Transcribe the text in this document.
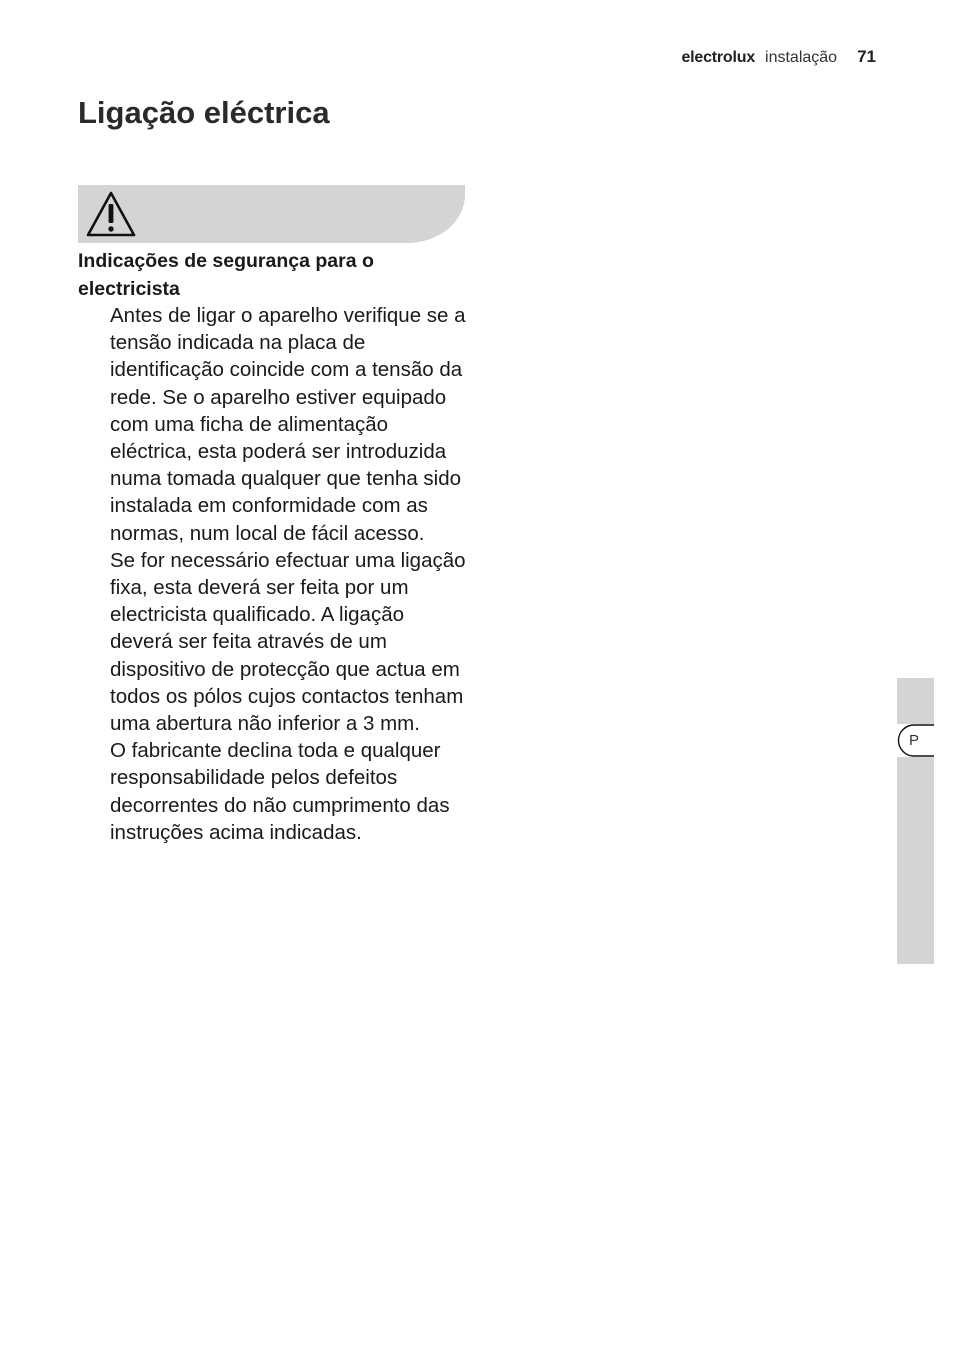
electrolux instalação 71
Ligação eléctrica
Indicações de segurança para o electricista

Antes de ligar o aparelho verifique se a tensão indicada na placa de identificação coincide com a tensão da rede. Se o aparelho estiver equipado com uma ficha de alimentação eléctrica, esta poderá ser introduzida numa tomada qualquer que tenha sido instalada em conformidade com as normas, num local de fácil acesso.

Se for necessário efectuar uma ligação fixa, esta deverá ser feita por um electricista qualificado. A ligação deverá ser feita através de um dispositivo de protecção que actua em todos os pólos cujos contactos tenham uma abertura não inferior a 3 mm.

O fabricante declina toda e qualquer responsabilidade pelos defeitos decorrentes do não cumprimento das instruções acima indicadas.

P
